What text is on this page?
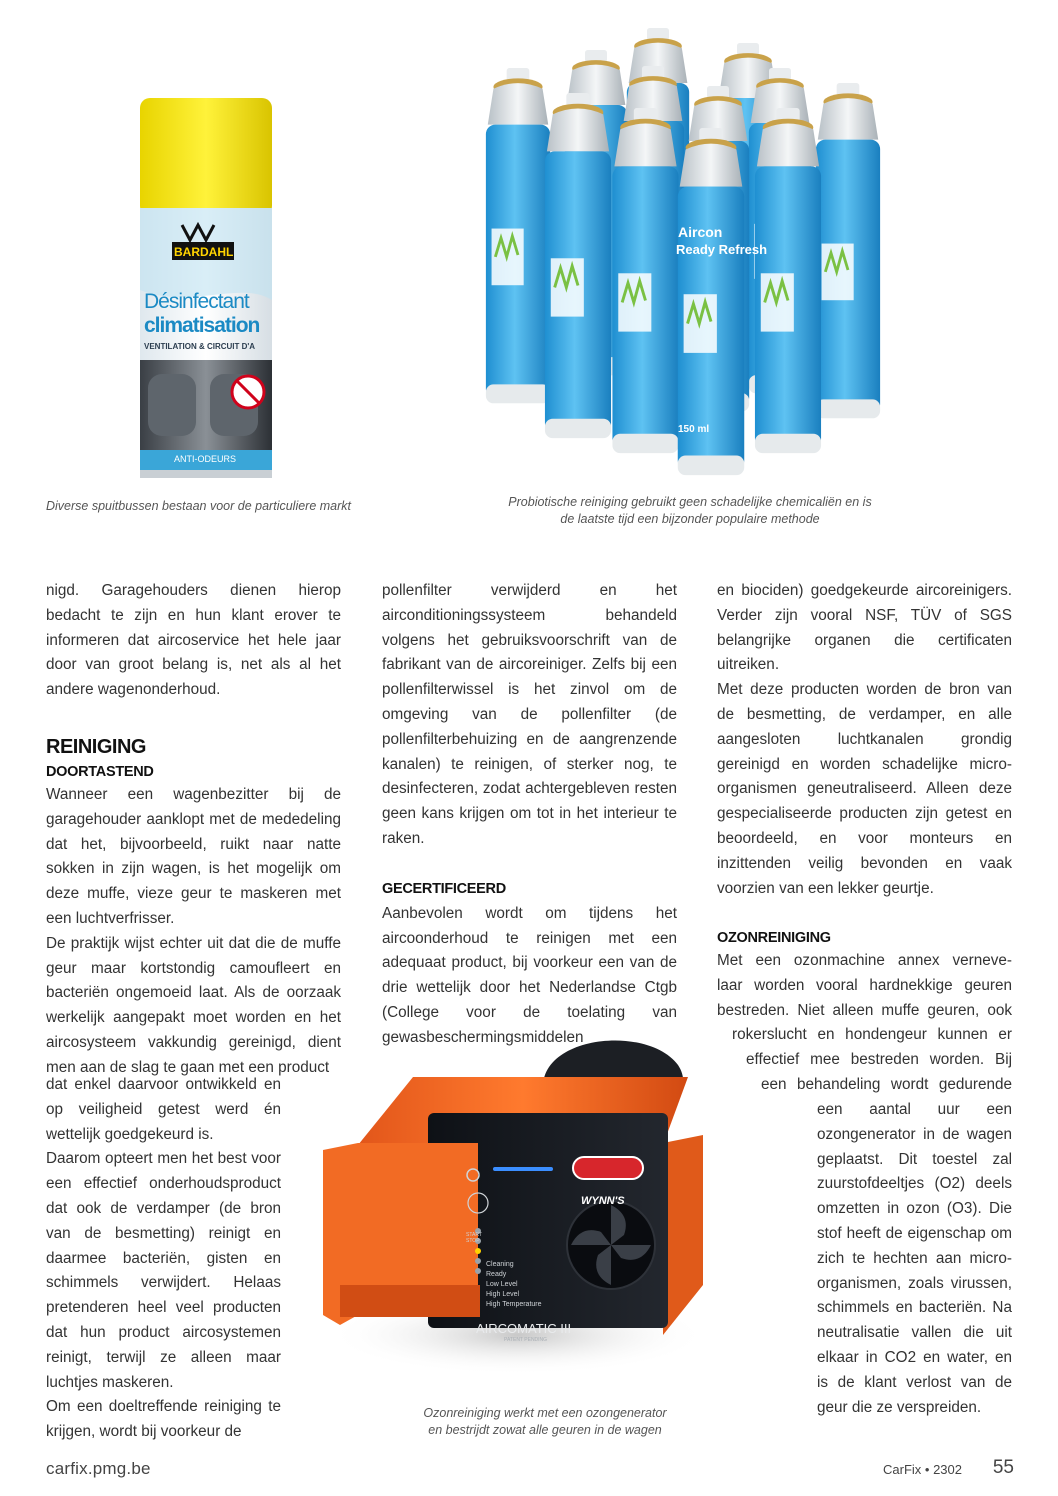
BARDAHL
Désinfectant
climatisation
VENTILATION & CIRCUIT D'A
ANTI-ODEURS
Aircon
Ready Refresh
150 ml
Diverse spuitbussen bestaan voor de particuliere markt	Probiotische reiniging gebruikt geen schadelijke chemicaliën en is
de laatste tijd een bijzonder populaire methode

nigd. Garagehouders dienen hierop bedacht te zijn en hun klant erover te informeren dat aircoservice het hele jaar door van groot belang is, net als al het andere wagenonderhoud.

REINIGING
DOORTASTEND

Wanneer een wagenbezitter bij de garagehouder aanklopt met de mededeling dat het, bijvoorbeeld, ruikt naar natte sokken in zijn wagen, is het mogelijk om deze muffe, vieze geur te maskeren met een luchtverfrisser.

De praktijk wijst echter uit dat die de muffe geur maar kortstondig camoufleert en bacteriën ongemoeid laat. Als de oorzaak werkelijk aangepakt moet worden en het aircosysteem vakkundig gereinigd, dient men aan de slag te gaan met een product

dat enkel daarvoor ontwikkeld en op veiligheid getest werd én wettelijk goedgekeurd is.

Daarom opteert men het best voor een effectief onderhoudsproduct dat ook de verdamper (de bron van de besmetting) reinigt en daarmee bacteriën, gisten en schimmels verwijdert. Helaas pretenderen heel veel producten dat hun product aircosystemen reinigt, terwijl ze alleen maar luchtjes maskeren.

Om een doeltreffende reiniging te krijgen, wordt bij voorkeur de

pollenfilter verwijderd en het airconditioningssysteem behandeld volgens het gebruiksvoorschrift van de fabrikant van de aircoreiniger. Zelfs bij een pollenfilterwissel is het zinvol om de omgeving van de pollenfilter (de pollenfilterbehuizing en de aangrenzende kanalen) te reinigen, of sterker nog, te desinfecteren, zodat achtergebleven resten geen kans krijgen om tot in het interieur te raken.

GECERTIFICEERD

Aanbevolen wordt om tijdens het aircoonderhoud te reinigen met een adequaat product, bij voorkeur een van de drie wettelijk door het Nederlandse Ctgb (College voor de toelating van gewasbeschermingsmiddelen

WYNN'S
START STOP
Cleaning
Ready
Low Level
High Level
High Temperature
AIRCOMATIC III
PATENT PENDING
Ozonreiniging werkt met een ozongenerator
en bestrijdt zowat alle geuren in de wagen

en biociden) goedgekeurde aircoreinigers. Verder zijn vooral NSF, TÜV of SGS belangrijke organen die certificaten uitreiken.

Met deze producten worden de bron van de besmetting, de verdamper, en alle aangesloten luchtkanalen grondig gereinigd en worden schadelijke micro-organismen geneutraliseerd. Alleen deze gespecialiseerde producten zijn getest en beoordeeld, en voor monteurs en inzittenden veilig bevonden en vaak voorzien van een lekker geurtje.

OZONREINIGING
Met een ozonmachine annex verneve-
laar worden vooral hardnekkige geuren
bestreden. Niet alleen muffe geuren, ook
rokerslucht en hondengeur kunnen er
effectief mee bestreden worden. Bij
een behandeling wordt gedurende

een aantal uur een ozongenerator in de wagen geplaatst. Dit toestel zal zuurstofdeeltjes (O2) deels omzetten in ozon (O3). Die stof heeft de eigenschap om zich te hechten aan micro-organismen, zoals virussen, schimmels en bacteriën. Na neutralisatie vallen die uit elkaar in CO2 en water, en is de klant verlost van de geur die ze verspreiden.

carfix.pmg.be	CarFix • 2302 55
